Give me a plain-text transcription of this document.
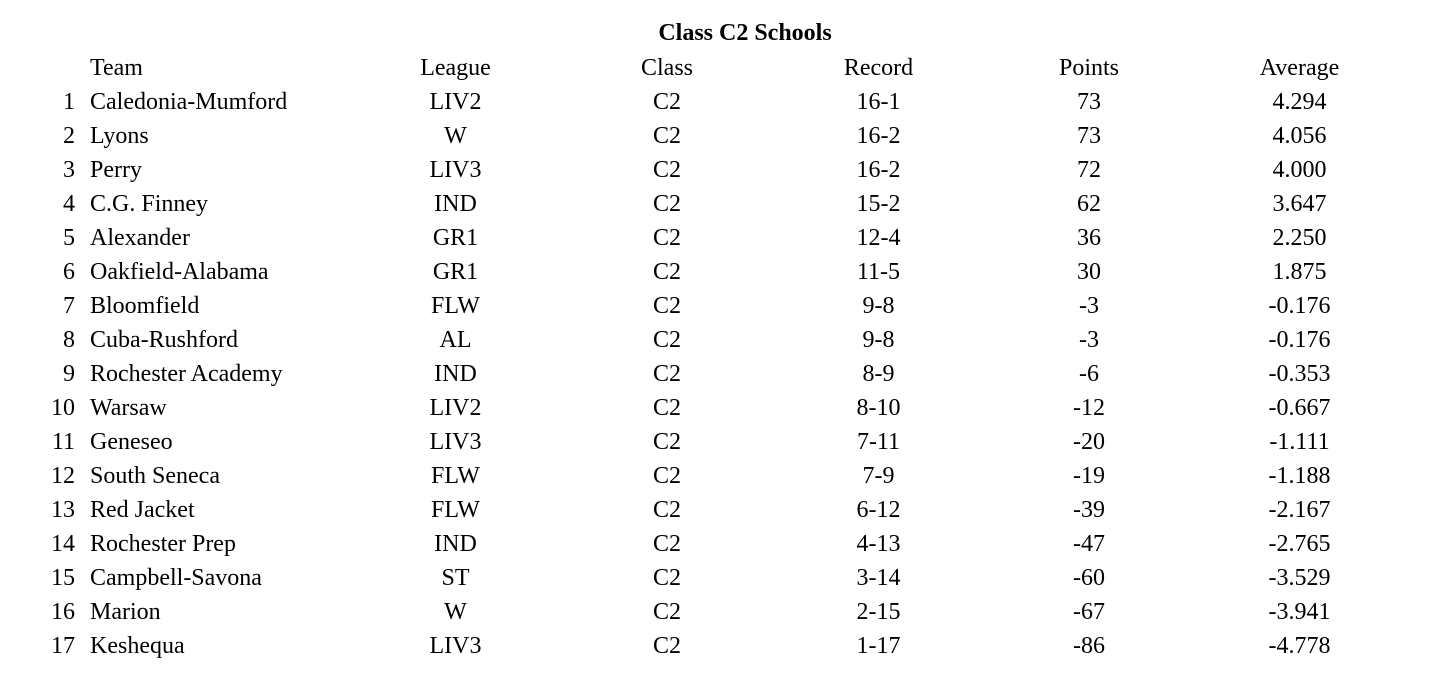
Class C2 Schools
	Team	League	Class	Record	Points	Average
1	Caledonia-Mumford	LIV2	C2	16-1	73	4.294
2	Lyons	W	C2	16-2	73	4.056
3	Perry	LIV3	C2	16-2	72	4.000
4	C.G. Finney	IND	C2	15-2	62	3.647
5	Alexander	GR1	C2	12-4	36	2.250
6	Oakfield-Alabama	GR1	C2	11-5	30	1.875
7	Bloomfield	FLW	C2	9-8	-3	-0.176
8	Cuba-Rushford	AL	C2	9-8	-3	-0.176
9	Rochester Academy	IND	C2	8-9	-6	-0.353
10	Warsaw	LIV2	C2	8-10	-12	-0.667
11	Geneseo	LIV3	C2	7-11	-20	-1.111
12	South Seneca	FLW	C2	7-9	-19	-1.188
13	Red Jacket	FLW	C2	6-12	-39	-2.167
14	Rochester Prep	IND	C2	4-13	-47	-2.765
15	Campbell-Savona	ST	C2	3-14	-60	-3.529
16	Marion	W	C2	2-15	-67	-3.941
17	Keshequa	LIV3	C2	1-17	-86	-4.778
